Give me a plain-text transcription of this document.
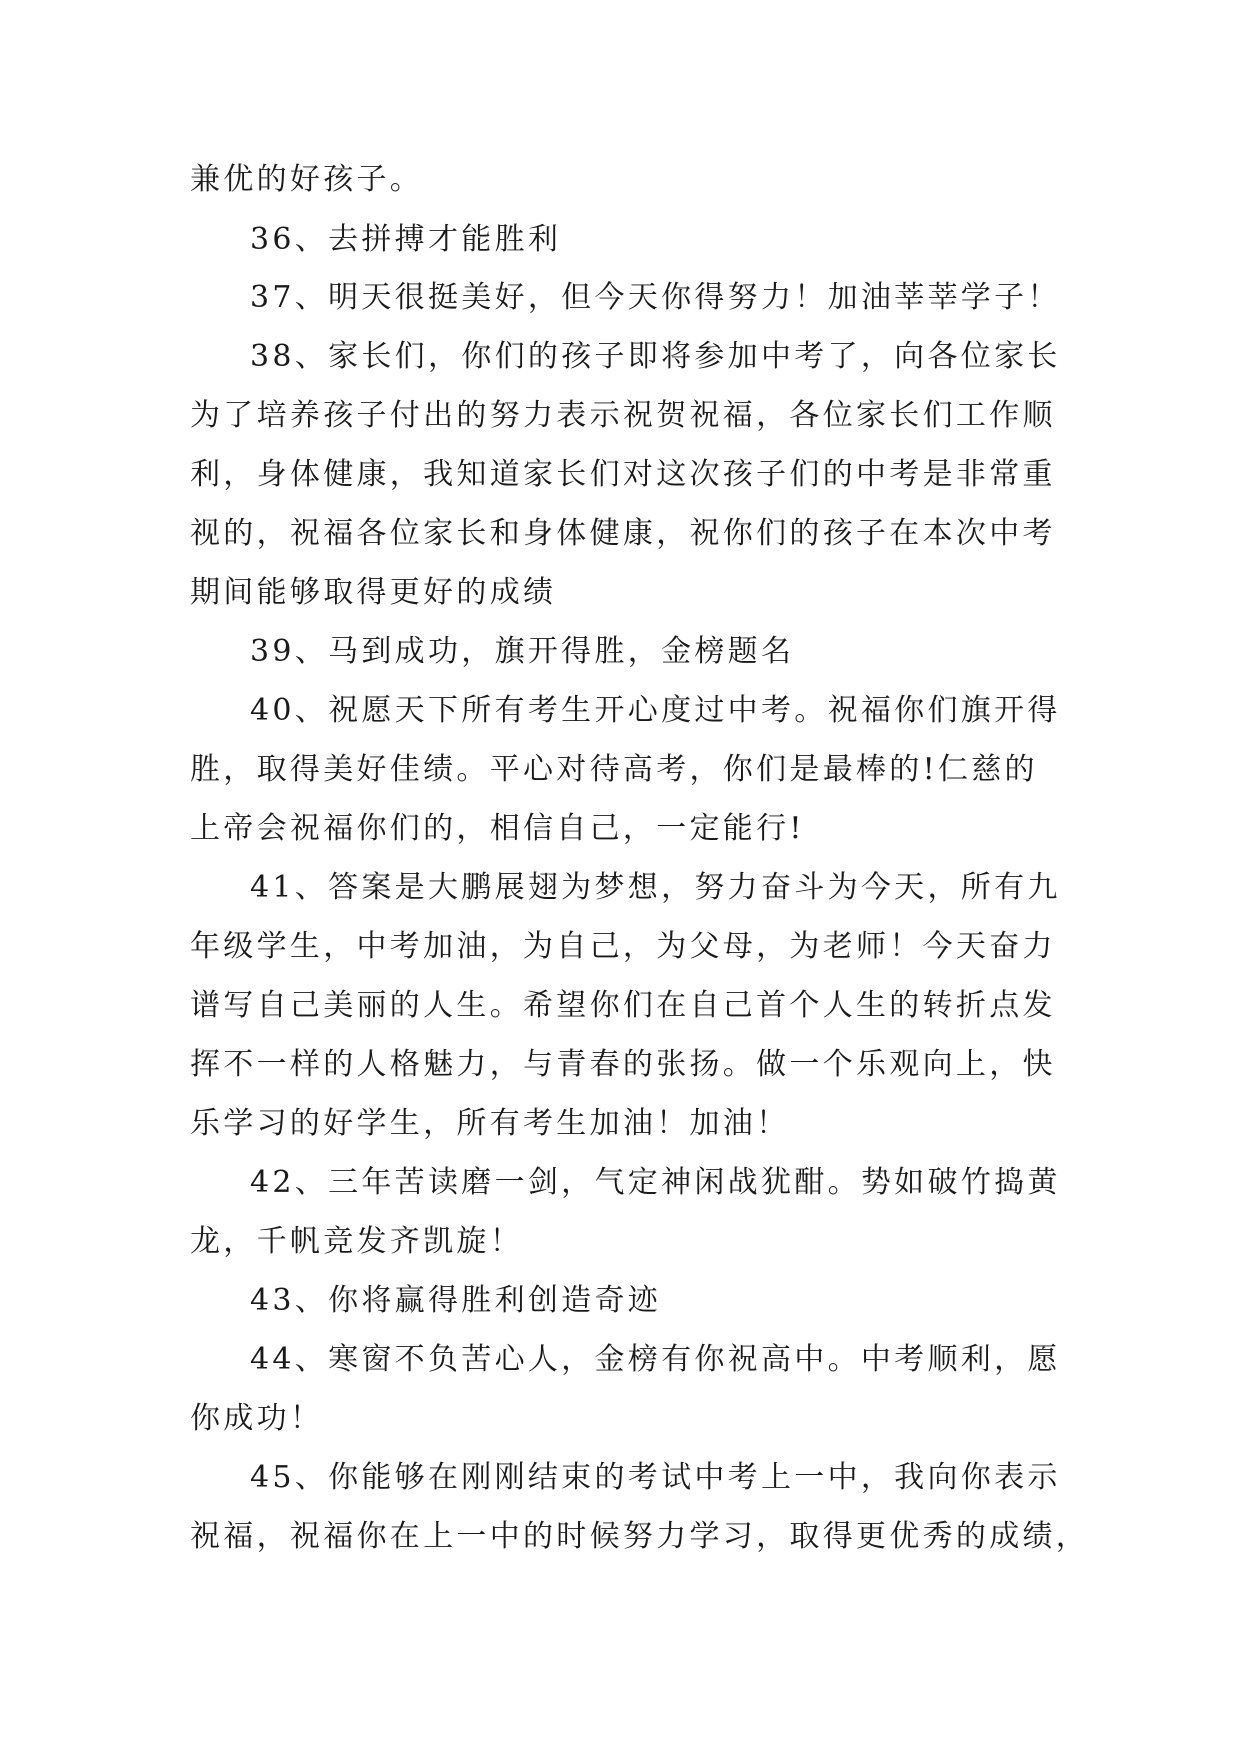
兼优的好孩子。
36、去拼搏才能胜利
37、明天很挺美好，但今天你得努力！加油莘莘学子！
38、家长们，你们的孩子即将参加中考了，向各位家长
为了培养孩子付出的努力表示祝贺祝福，各位家长们工作顺
利，身体健康，我知道家长们对这次孩子们的中考是非常重
视的，祝福各位家长和身体健康，祝你们的孩子在本次中考
期间能够取得更好的成绩
39、马到成功，旗开得胜，金榜题名
40、祝愿天下所有考生开心度过中考。祝福你们旗开得
胜，取得美好佳绩。平心对待高考，你们是最棒的!仁慈的
上帝会祝福你们的，相信自己，一定能行!
41、答案是大鹏展翅为梦想，努力奋斗为今天，所有九
年级学生，中考加油，为自己，为父母，为老师！今天奋力
谱写自己美丽的人生。希望你们在自己首个人生的转折点发
挥不一样的人格魅力，与青春的张扬。做一个乐观向上，快
乐学习的好学生，所有考生加油！加油！
42、三年苦读磨一剑，气定神闲战犹酣。势如破竹捣黄
龙，千帆竞发齐凯旋！
43、你将赢得胜利创造奇迹
44、寒窗不负苦心人，金榜有你祝高中。中考顺利，愿
你成功！
45、你能够在刚刚结束的考试中考上一中，我向你表示
祝福，祝福你在上一中的时候努力学习，取得更优秀的成绩，
